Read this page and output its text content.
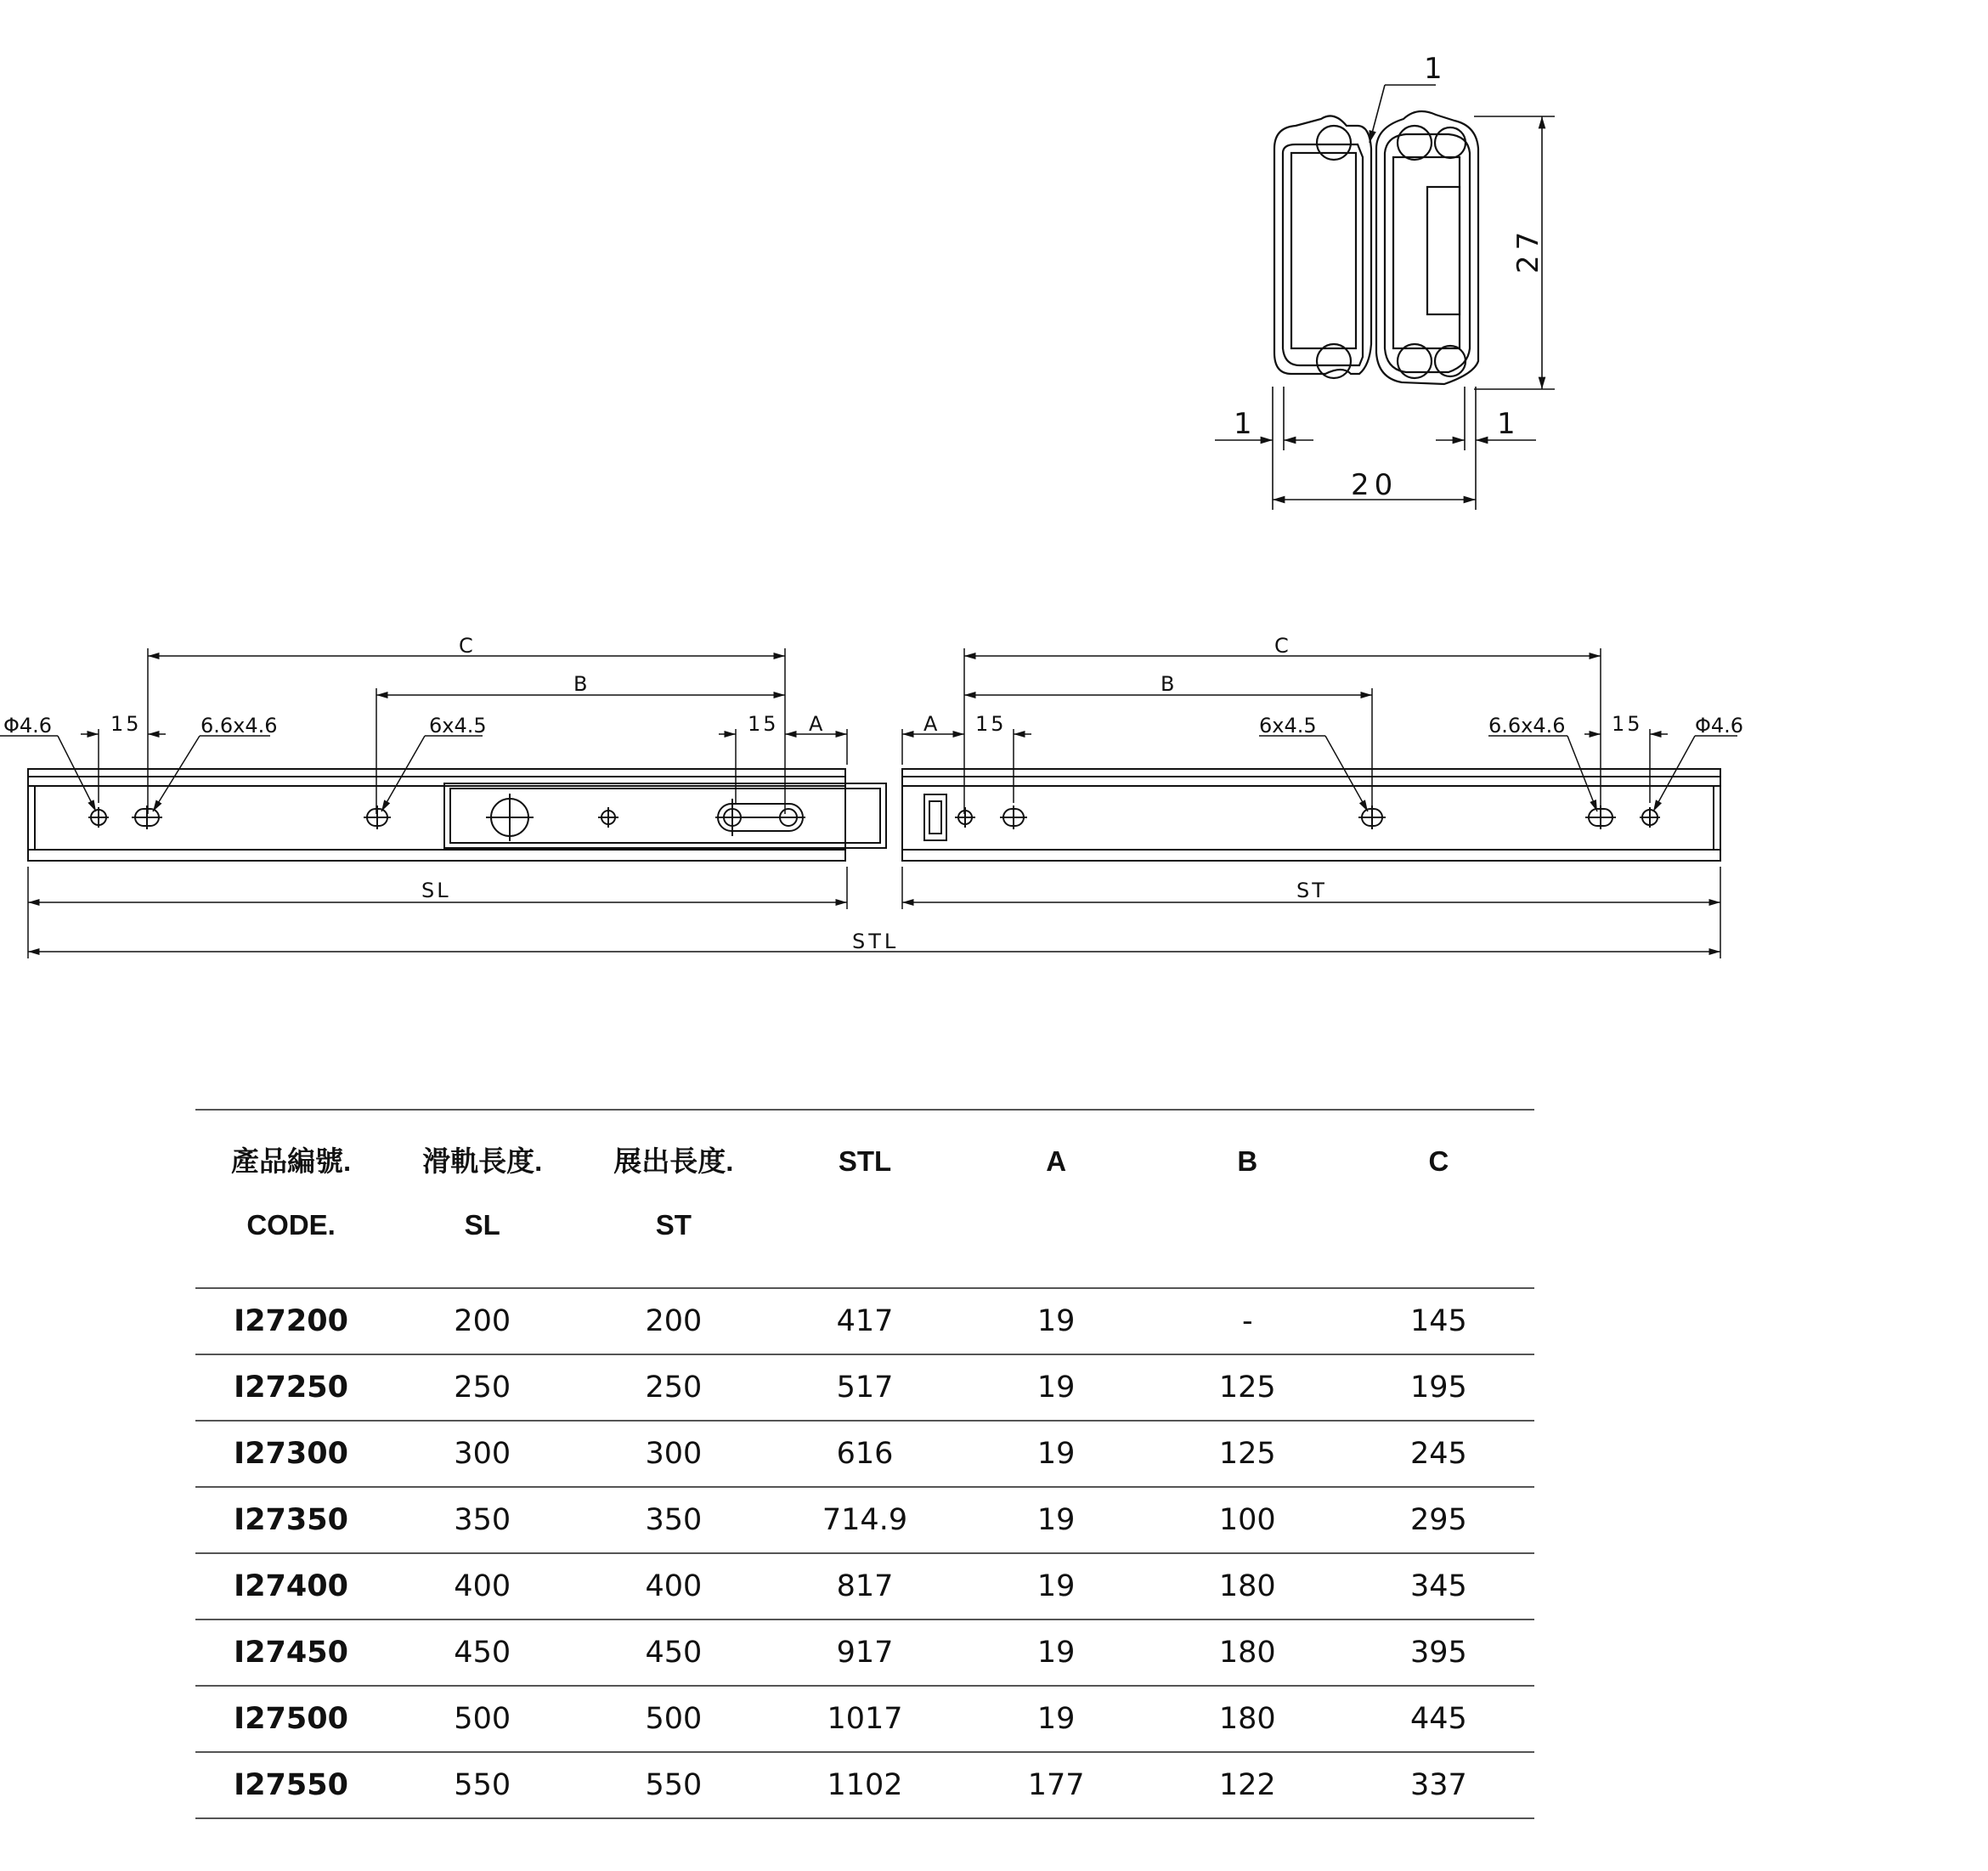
1
27
1	1
20
C
B
Φ4.6	15	6.6x4.6	6x4.5	15 A
SL
C
B
A 15	6x4.5	6.6x4.6 15	Φ4.6
ST
STL
產品編號.
CODE.
滑軌長度.
SL
展出長度.
ST
STL	A	B	C
I27200	200	200	417	19	-	145
I27250	250	250	517	19	125	195
I27300	300	300	616	19	125	245
I27350	350	350	714.9	19	100	295
I27400	400	400	817	19	180	345
I27450	450	450	917	19	180	395
I27500	500	500	1017	19	180	445
I27550	550	550	1102	177	122	337
